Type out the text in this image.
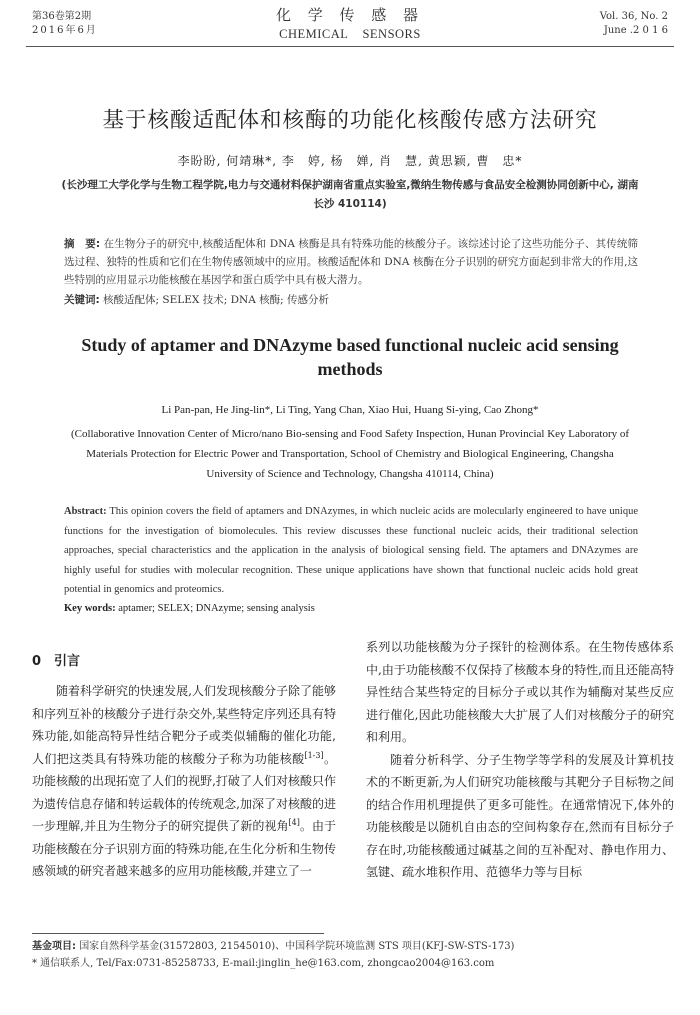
第36卷第2期
2016年6月
化 学 传 感 器
CHEMICAL    SENSORS
Vol. 36, No. 2
June .2 0 1 6
基于核酸适配体和核酶的功能化核酸传感方法研究
李盼盼, 何靖琳*, 李　婷, 杨　婵, 肖　慧, 黄思颖, 曹　忠*
(长沙理工大学化学与生物工程学院,电力与交通材料保护湖南省重点实验室,微纳生物传感与食品安全检测协同创新中心, 湖南长沙 410114)
摘　要: 在生物分子的研究中,核酸适配体和 DNA 核酶是具有特殊功能的核酸分子。该综述讨论了这些功能分子、其传统筛选过程、独特的性质和它们在生物传感领域中的应用。核酸适配体和 DNA 核酶在分子识别的研究方面起到非常大的作用,这些特别的应用显示功能核酸在基因学和蛋白质学中具有极大潜力。
关键词: 核酸适配体; SELEX 技术; DNA 核酶; 传感分析
Study of aptamer and DNAzyme based functional nucleic acid sensing methods
Li Pan-pan, He Jing-lin*, Li Ting, Yang Chan, Xiao Hui, Huang Si-ying, Cao Zhong*
(Collaborative Innovation Center of Micro/nano Bio-sensing and Food Safety Inspection, Hunan Provincial Key Laboratory of Materials Protection for Electric Power and Transportation, School of Chemistry and Biological Engineering, Changsha University of Science and Technology, Changsha 410114, China)
Abstract: This opinion covers the field of aptamers and DNAzymes, in which nucleic acids are molecularly engineered to have unique functions for the investigation of biomolecules. This review discusses these functional nucleic acids, their traditional selection approaches, special characteristics and the application in the analysis of biological sensing field. The aptamers and DNAzymes are highly useful for studies with molecular recognition. These unique applications have shown that functional nucleic acids hold great potential in genomics and proteomics.
Key words: aptamer; SELEX; DNAzyme; sensing analysis
0　引言
随着科学研究的快速发展,人们发现核酸分子除了能够和序列互补的核酸分子进行杂交外,某些特定序列还具有特殊功能,如能高特异性结合靶分子或类似辅酶的催化功能,人们把这类具有特殊功能的核酸分子称为功能核酸[1-3]。功能核酸的出现拓宽了人们的视野,打破了人们对核酸只作为遗传信息存储和转运载体的传统观念,加深了对核酸的进一步理解,并且为生物分子的研究提供了新的视角[4]。由于功能核酸在分子识别方面的特殊功能,在生化分析和生物传感领域的研究者越来越多的应用功能核酸,并建立了一

系列以功能核酸为分子探针的检测体系。在生物传感体系中,由于功能核酸不仅保持了核酸本身的特性,而且还能高特异性结合某些特定的目标分子或以其作为辅酶对某些反应进行催化,因此功能核酸大大扩展了人们对核酸分子的研究和利用。

随着分析科学、分子生物学等学科的发展及计算机技术的不断更新,为人们研究功能核酸与其靶分子目标物之间的结合作用机理提供了更多可能性。在通常情况下,体外的功能核酸是以随机自由态的空间构象存在,然而有目标分子存在时,功能核酸通过碱基之间的互补配对、静电作用力、氢键、疏水堆积作用、范德华力等与目标

基金项目: 国家自然科学基金(31572803, 21545010)、中国科学院环境监测 STS 项目(KFJ-SW-STS-173)
* 通信联系人, Tel/Fax:0731-85258733, E-mail:jinglin_he@163.com, zhongcao2004@163.com
